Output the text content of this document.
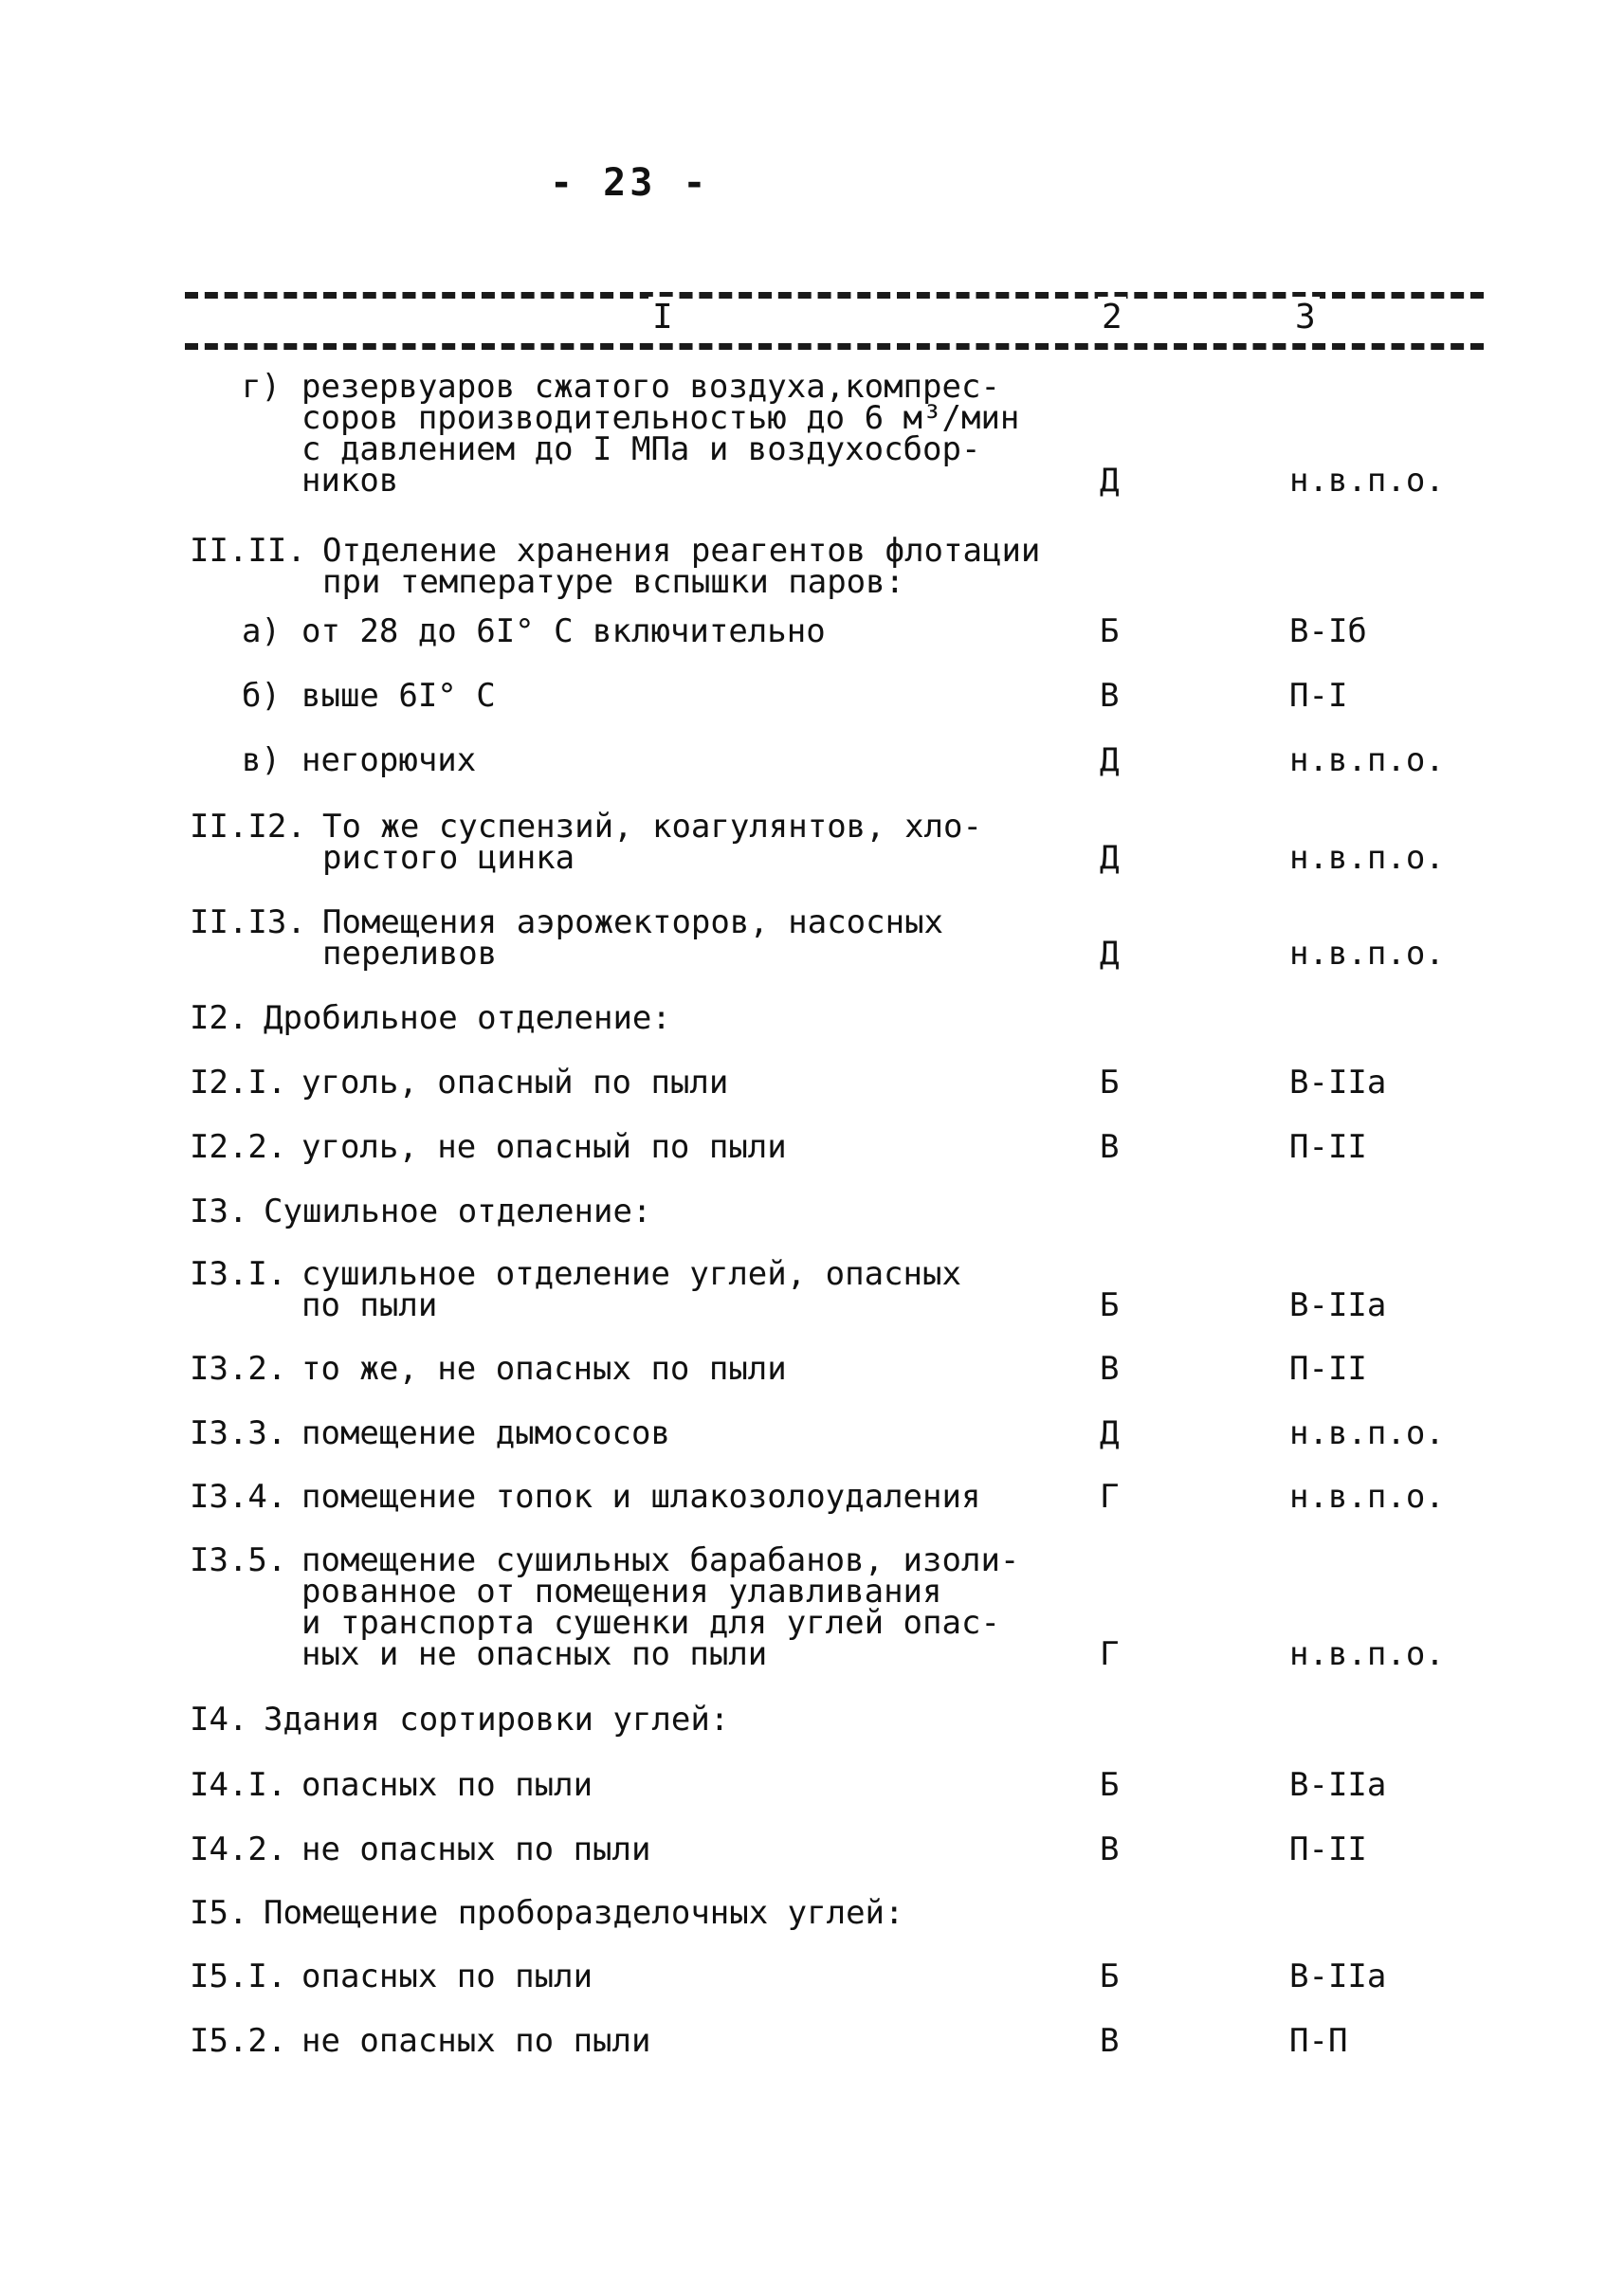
- 23 -
I	2	3
г) резервуаров сжатого воздуха,компрес-
соров производительностью до 6 м³/мин
с давлением до I МПа и воздухосбор-
ников	Д	н.в.п.о.
II.II. Отделение хранения реагентов флотации
при температуре вспышки паров:
а) от 28 до 6I° С включительно	Б	В-Iб
б) выше 6I° С	В	П-I
в) негорючих	Д	н.в.п.о.
II.I2. То же суспензий, коагулянтов, хло-
ристого цинка	Д	н.в.п.о.
II.I3. Помещения аэрожекторов, насосных
переливов	Д	н.в.п.о.
I2. Дробильное отделение:
I2.I. уголь, опасный по пыли	Б	В-IIа
I2.2. уголь, не опасный по пыли	В	П-II
I3. Сушильное отделение:
I3.I. сушильное отделение углей, опасных
по пыли	Б	В-IIа
I3.2. то же, не опасных по пыли	В	П-II
I3.3. помещение дымососов	Д	н.в.п.о.
I3.4. помещение топок и шлакозолоудаления	Г	н.в.п.о.
I3.5. помещение сушильных барабанов, изоли-
рованное от помещения улавливания
и транспорта сушенки для углей опас-
ных и не опасных по пыли	Г	н.в.п.о.
I4. Здания сортировки углей:
I4.I. опасных по пыли	Б	В-IIа
I4.2. не опасных по пыли	В	П-II
I5. Помещение пробоpазделочных углей:
I5.I. опасных по пыли	Б	В-IIа
I5.2. не опасных по пыли	В	П-П
